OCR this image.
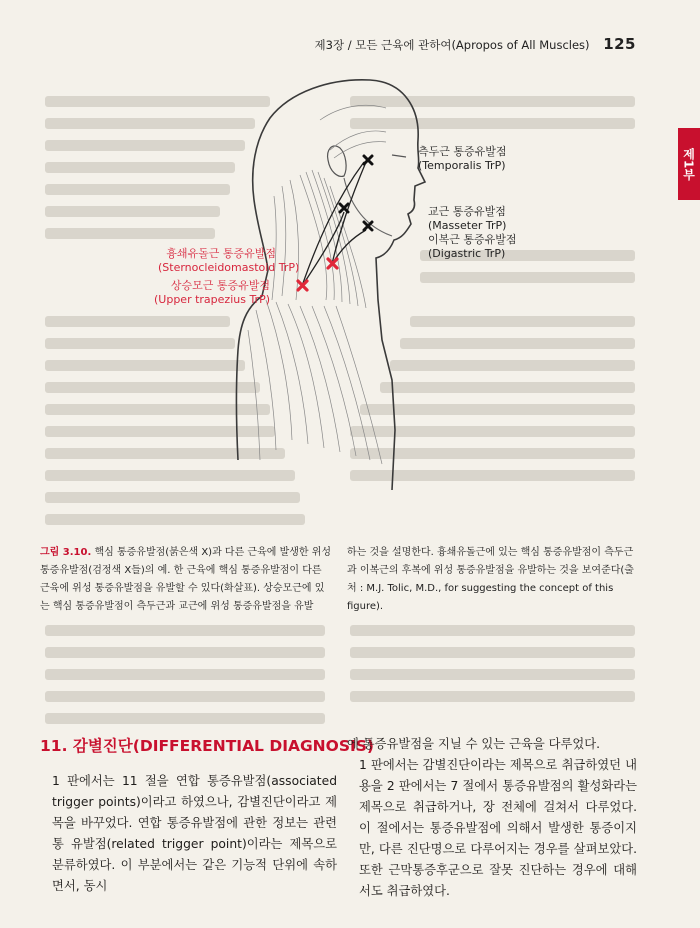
제3장 / 모든 근육에 관하여(Apropos of All Muscles) 125
제1부
측두근 통증유발점
(Temporalis TrP)
교근 통증유발점
(Masseter TrP)
이복근 통증유발점
(Digastric TrP)
흉쇄유돌근 통증유발점
(Sternocleidomastoid TrP)
상승모근 통증유발점
(Upper trapezius TrP)
그림 3.10. 핵심 통증유발점(붉은색 X)과 다른 근육에 발생한 위성 통증유발점(검정색 X들)의 예. 한 근육에 핵심 통증유발점이 다른 근육에 위성 통증유발점을 유발할 수 있다(화살표). 상승모근에 있는 핵심 통증유발점이 측두근과 교근에 위성 통증유발점을 유발
하는 것을 설명한다. 흉쇄유돌근에 있는 핵심 통증유발점이 측두근과 이복근의 후복에 위성 통증유발점을 유발하는 것을 보여준다(출처 : M.J. Tolic, M.D., for suggesting the concept of this figure).
11. 감별진단(DIFFERENTIAL DIAGNOSIS)
1 판에서는 11 절을 연합 통증유발점(associated trigger points)이라고 하였으나, 감별진단이라고 제목을 바꾸었다. 연합 통증유발점에 관한 정보는 관련통 유발점(related trigger point)이라는 제목으로 분류하였다. 이 부분에서는 같은 기능적 단위에 속하면서, 동시
에 통증유발점을 지닐 수 있는 근육을 다루었다.
1 판에서는 감별진단이라는 제목으로 취급하였던 내용을 2 판에서는 7 절에서 통증유발점의 활성화라는 제목으로 취급하거나, 장 전체에 걸쳐서 다루었다. 이 절에서는 통증유발점에 의해서 발생한 통증이지만, 다른 진단명으로 다루어지는 경우를 살펴보았다. 또한 근막통증후군으로 잘못 진단하는 경우에 대해서도 취급하였다.
